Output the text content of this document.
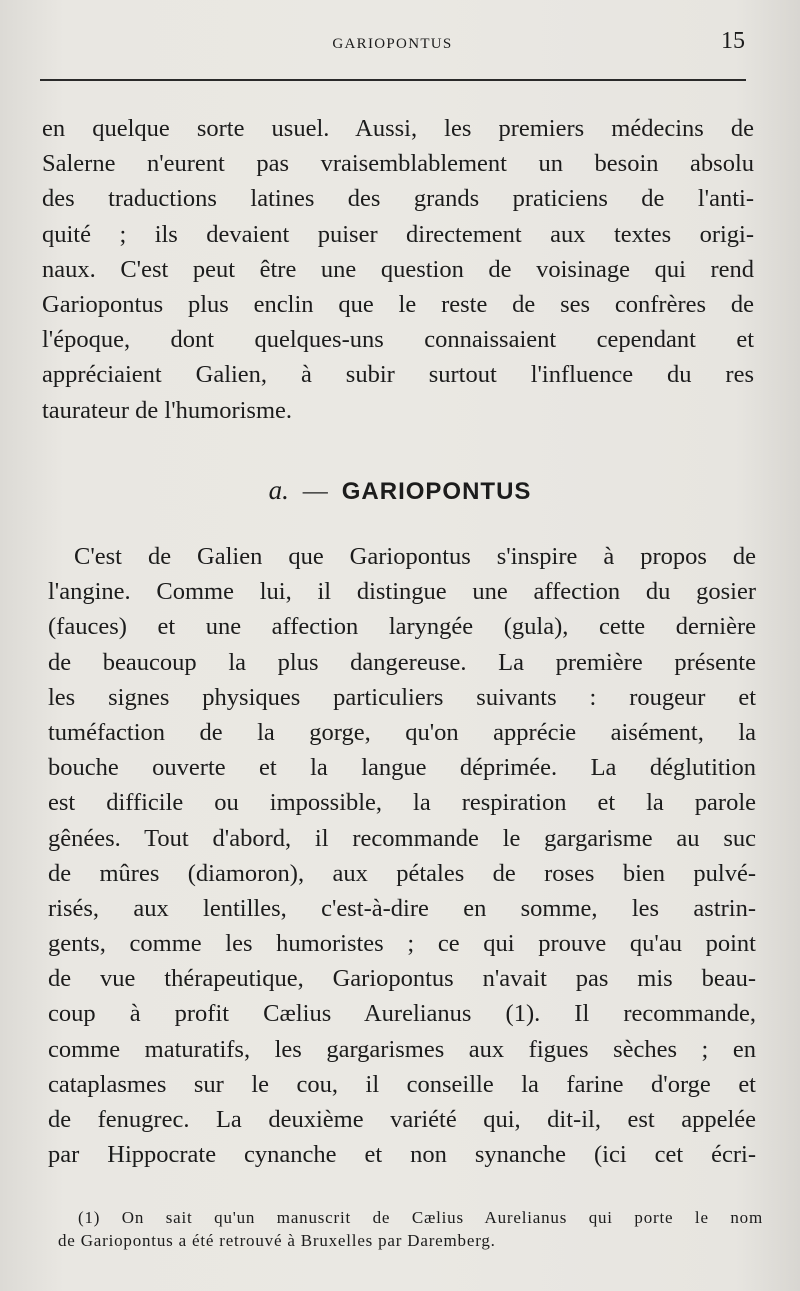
GARIOPONTUS	15

en quelque sorte usuel. Aussi, les premiers médecins de
Salerne n'eurent pas vraisemblablement un besoin absolu
des traductions latines des grands praticiens de l'anti-
quité ; ils devaient puiser directement aux textes origi-
naux. C'est peut être une question de voisinage qui rend
Gariopontus plus enclin que le reste de ses confrères de
l'époque, dont quelques-uns connaissaient cependant et
appréciaient Galien, à subir surtout l'influence du res
taurateur de l'humorisme.

a. — GARIOPONTUS

C'est de Galien que Gariopontus s'inspire à propos de
l'angine. Comme lui, il distingue une affection du gosier
(fauces) et une affection laryngée (gula), cette dernière
de beaucoup la plus dangereuse. La première présente
les signes physiques particuliers suivants : rougeur et
tuméfaction de la gorge, qu'on apprécie aisément, la
bouche ouverte et la langue déprimée. La déglutition
est difficile ou impossible, la respiration et la parole
gênées. Tout d'abord, il recommande le gargarisme au suc
de mûres (diamoron), aux pétales de roses bien pulvé-
risés, aux lentilles, c'est-à-dire en somme, les astrin-
gents, comme les humoristes ; ce qui prouve qu'au point
de vue thérapeutique, Gariopontus n'avait pas mis beau-
coup à profit Cælius Aurelianus (1). Il recommande,
comme maturatifs, les gargarismes aux figues sèches ; en
cataplasmes sur le cou, il conseille la farine d'orge et
de fenugrec. La deuxième variété qui, dit-il, est appelée
par Hippocrate cynanche et non synanche (ici cet écri-

(1) On sait qu'un manuscrit de Cælius Aurelianus qui porte le nom
de Gariopontus a été retrouvé à Bruxelles par Daremberg.
